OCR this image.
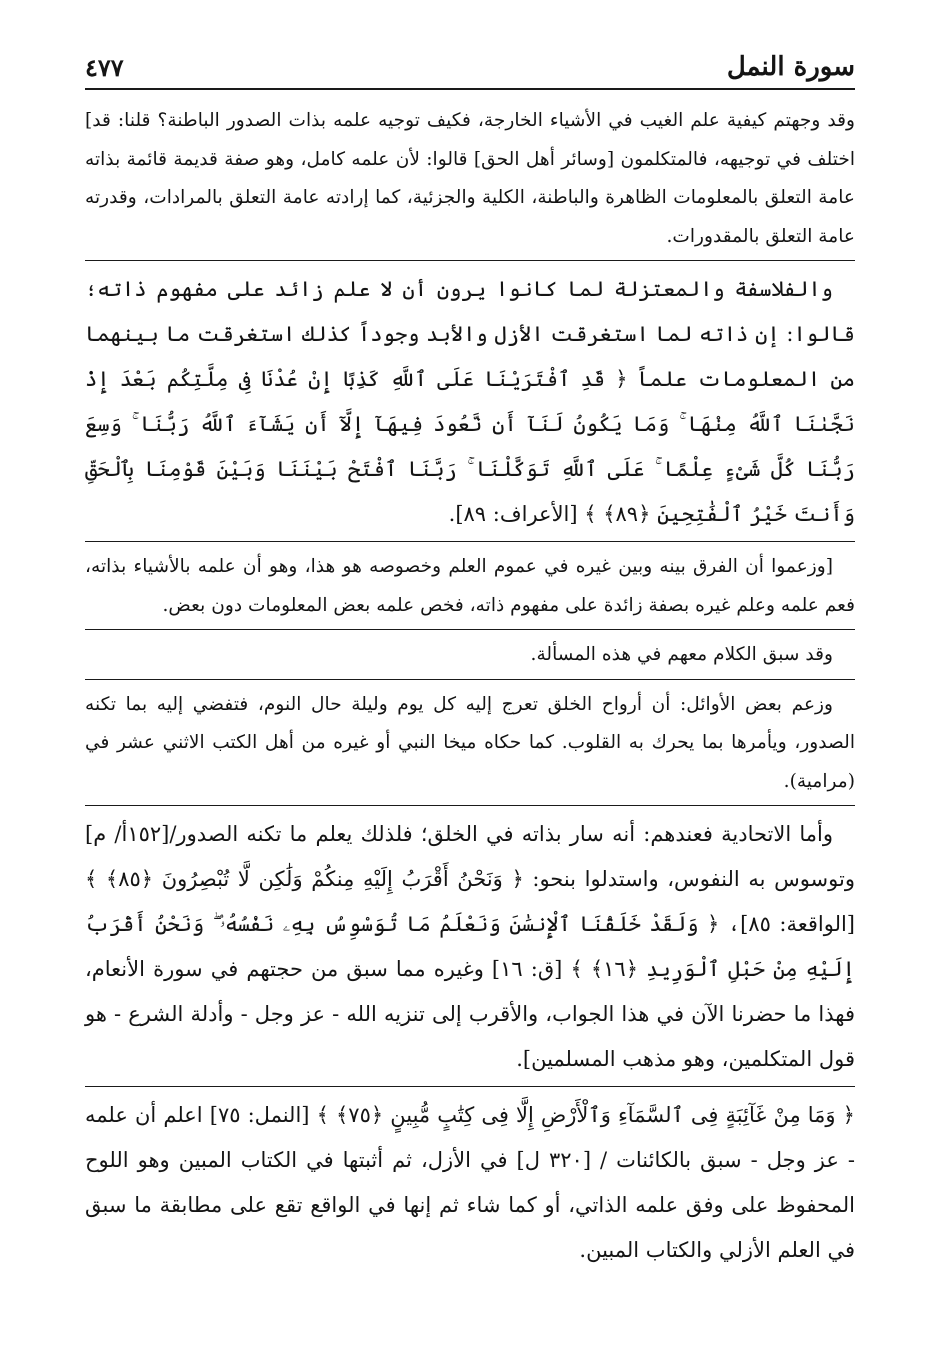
سورة النمل
٤٧٧

وقد وجهتم كيفية علم الغيب في الأشياء الخارجة، فكيف توجيه علمه بذات الصدور الباطنة؟ قلنا: قد] اختلف في توجيهه، فالمتكلمون [وسائر أهل الحق] قالوا: لأن علمه كامل، وهو صفة قديمة قائمة بذاته عامة التعلق بالمعلومات الظاهرة والباطنة، الكلية والجزئية، كما إرادته عامة التعلق بالمرادات، وقدرته عامة التعلق بالمقدورات.

والفلاسفة والمعتزلة لما كانوا يرون أن لا علم زائد على مفهوم ذاته؛ قالوا: إن ذاته لما استغرقت الأزل والأبد وجوداً كذلك استغرقت ما بينهما من المعلومات علماً ﴿ قَدِ ٱفْتَرَيْنَا عَلَى ٱللَّهِ كَذِبًا إِنْ عُدْنَا فِى مِلَّتِكُم بَعْدَ إِذْ نَجَّىٰنَا ٱللَّهُ مِنْهَا ۚ وَمَا يَكُونُ لَنَآ أَن نَّعُودَ فِيهَآ إِلَّآ أَن يَشَآءَ ٱللَّهُ رَبُّنَا ۚ وَسِعَ رَبُّنَا كُلَّ شَىْءٍ عِلْمًا ۚ عَلَى ٱللَّهِ تَوَكَّلْنَا ۚ رَبَّنَا ٱفْتَحْ بَيْنَنَا وَبَيْنَ قَوْمِنَا بِٱلْحَقِّ وَأَنتَ خَيْرُ ٱلْفَٰتِحِينَ ﴿٨٩﴾ ﴾ [الأعراف: ٨٩].

[وزعموا أن الفرق بينه وبين غيره في عموم العلم وخصوصه هو هذا، وهو أن علمه بالأشياء بذاته، فعم علمه وعلم غيره بصفة زائدة على مفهوم ذاته، فخص علمه بعض المعلومات دون بعض.

وقد سبق الكلام معهم في هذه المسألة.

وزعم بعض الأوائل: أن أرواح الخلق تعرج إليه كل يوم وليلة حال النوم، فتفضي إليه بما تكنه الصدور، ويأمرها بما يحرك به القلوب. كما حكاه ميخا النبي أو غيره من أهل الكتب الاثني عشر في (مرامية).

وأما الاتحادية فعندهم: أنه سار بذاته في الخلق؛ فلذلك يعلم ما تكنه الصدور/[١٥٢أ/ م] وتوسوس به النفوس، واستدلوا بنحو: ﴿ وَنَحْنُ أَقْرَبُ إِلَيْهِ مِنكُمْ وَلَٰكِن لَّا تُبْصِرُونَ ﴿٨٥﴾ ﴾ [الواقعة: ٨٥]، ﴿ وَلَقَدْ خَلَقْنَا ٱلْإِنسَٰنَ وَنَعْلَمُ مَا تُوَسْوِسُ بِهِۦ نَفْسُهُۥ ۖ وَنَحْنُ أَقْرَبُ إِلَيْهِ مِنْ حَبْلِ ٱلْوَرِيدِ ﴿١٦﴾ ﴾ [ق: ١٦] وغيره مما سبق من حجتهم في سورة الأنعام، فهذا ما حضرنا الآن في هذا الجواب، والأقرب إلى تنزيه الله - عز وجل - وأدلة الشرع - هو قول المتكلمين، وهو مذهب المسلمين].

﴿ وَمَا مِنْ غَآئِبَةٍ فِى ٱلسَّمَآءِ وَٱلْأَرْضِ إِلَّا فِى كِتَٰبٍ مُّبِينٍ ﴿٧٥﴾ ﴾ [النمل: ٧٥] اعلم أن علمه - عز وجل - سبق بالكائنات / [٣٢٠ ل] في الأزل، ثم أثبتها في الكتاب المبين وهو اللوح المحفوظ على وفق علمه الذاتي، أو كما شاء ثم إنها في الواقع تقع على مطابقة ما سبق في العلم الأزلي والكتاب المبين.
